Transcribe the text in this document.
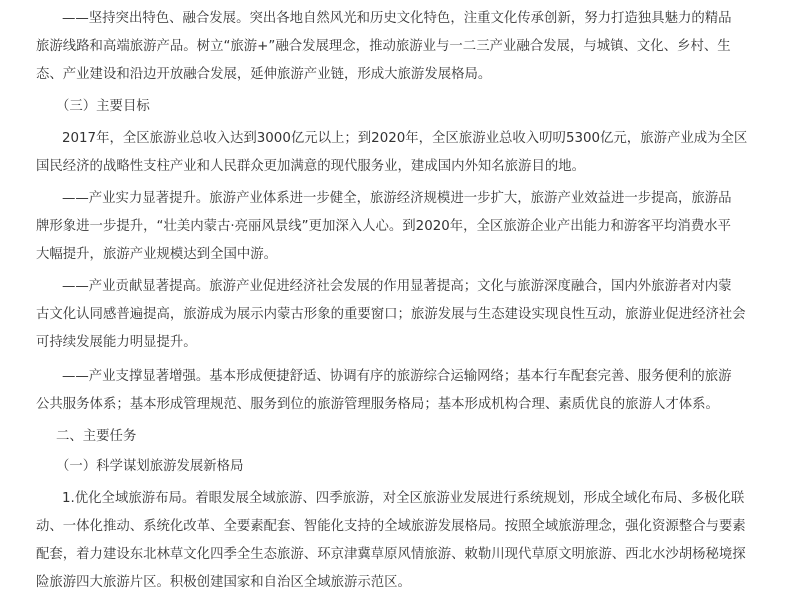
——坚持突出特色、融合发展。突出各地自然风光和历史文化特色，注重文化传承创新，努力打造独具魅力的精品
旅游线路和高端旅游产品。树立“旅游+”融合发展理念，推动旅游业与一二三产业融合发展，与城镇、文化、乡村、生
态、产业建设和沿边开放融合发展，延伸旅游产业链，形成大旅游发展格局。
（三）主要目标
2017年，全区旅游业总收入达到3000亿元以上；到2020年，全区旅游业总收入叨叨5300亿元，旅游产业成为全区
国民经济的战略性支柱产业和人民群众更加满意的现代服务业，建成国内外知名旅游目的地。
——产业实力显著提升。旅游产业体系进一步健全，旅游经济规模进一步扩大，旅游产业效益进一步提高，旅游品
牌形象进一步提升，“壮美内蒙古·亮丽风景线”更加深入人心。到2020年，全区旅游企业产出能力和游客平均消费水平
大幅提升，旅游产业规模达到全国中游。
——产业贡献显著提高。旅游产业促进经济社会发展的作用显著提高；文化与旅游深度融合，国内外旅游者对内蒙
古文化认同感普遍提高，旅游成为展示内蒙古形象的重要窗口；旅游发展与生态建设实现良性互动，旅游业促进经济社会
可持续发展能力明显提升。
——产业支撑显著增强。基本形成便捷舒适、协调有序的旅游综合运输网络；基本行车配套完善、服务便利的旅游
公共服务体系；基本形成管理规范、服务到位的旅游管理服务格局；基本形成机构合理、素质优良的旅游人才体系。
二、主要任务
（一）科学谋划旅游发展新格局
1.优化全域旅游布局。着眼发展全域旅游、四季旅游，对全区旅游业发展进行系统规划，形成全域化布局、多极化联
动、一体化推动、系统化改革、全要素配套、智能化支持的全域旅游发展格局。按照全域旅游理念，强化资源整合与要素
配套，着力建设东北林草文化四季全生态旅游、环京津冀草原风情旅游、敕勒川现代草原文明旅游、西北水沙胡杨秘境探
险旅游四大旅游片区。积极创建国家和自治区全域旅游示范区。
